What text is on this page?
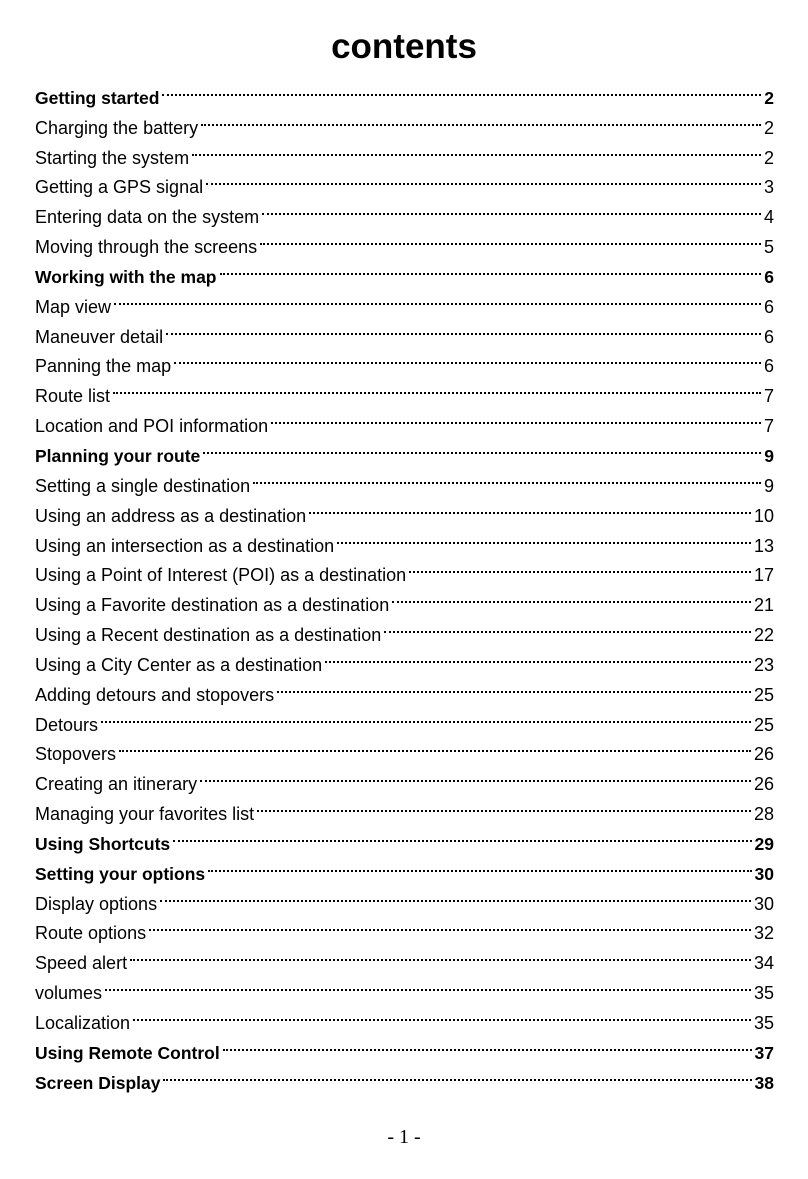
contents
Getting started	2
Charging the battery	2
Starting the system	2
Getting a GPS signal	3
Entering data on the system	4
Moving through the screens	5
Working with the map	6
Map view	6
Maneuver detail	6
Panning the map	6
Route list	7
Location and POI information	7
Planning your route	9
Setting a single destination	9
Using an address as a destination	10
Using an intersection as a destination	13
Using a Point of Interest (POI) as a destination	17
Using a Favorite destination as a destination	21
Using a Recent destination as a destination	22
Using a City Center as a destination	23
Adding detours and stopovers	25
Detours	25
Stopovers	26
Creating an itinerary	26
Managing your favorites list	28
Using Shortcuts	29
Setting your options	30
Display options	30
Route options	32
Speed alert	34
volumes	35
Localization	35
Using Remote Control	37
Screen Display	38
- 1 -
